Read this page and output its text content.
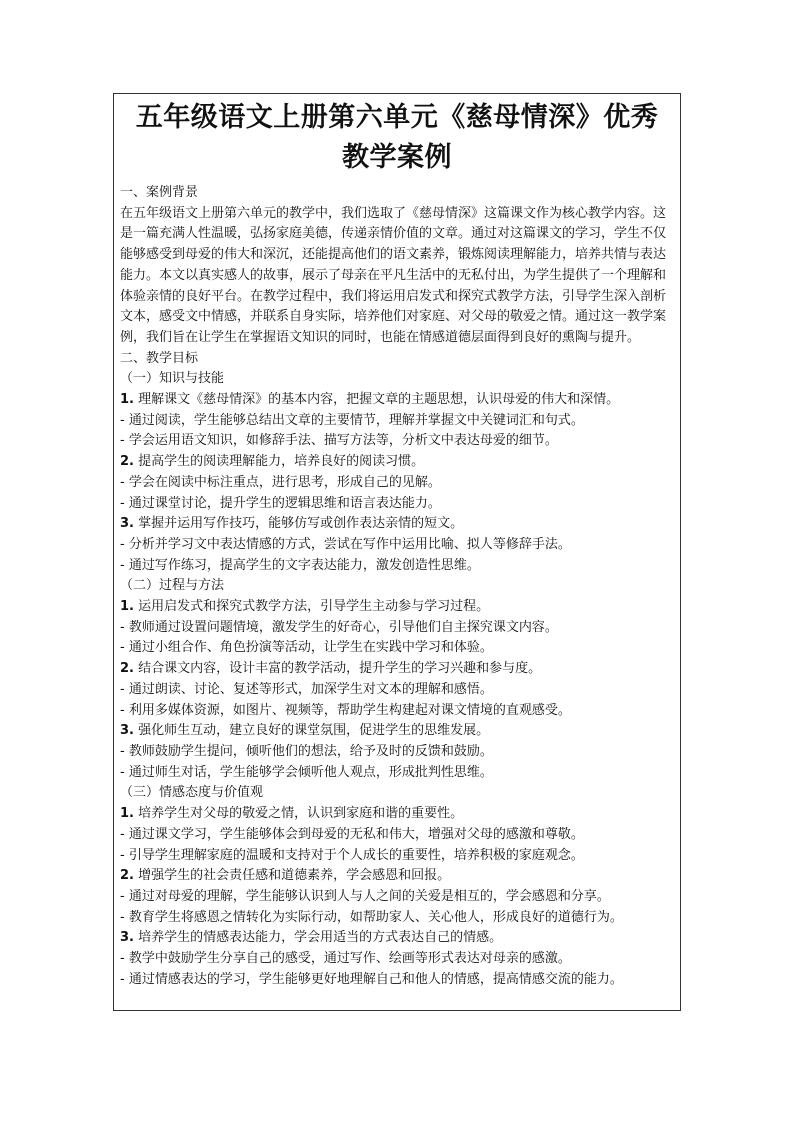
五年级语文上册第六单元《慈母情深》优秀
教学案例
一、案例背景
在五年级语文上册第六单元的教学中，我们选取了《慈母情深》这篇课文作为核心教学内容。这是一篇充满人性温暖，弘扬家庭美德，传递亲情价值的文章。通过对这篇课文的学习，学生不仅能够感受到母爱的伟大和深沉，还能提高他们的语文素养，锻炼阅读理解能力，培养共情与表达能力。本文以真实感人的故事，展示了母亲在平凡生活中的无私付出，为学生提供了一个理解和体验亲情的良好平台。在教学过程中，我们将运用启发式和探究式教学方法，引导学生深入剖析文本，感受文中情感，并联系自身实际，培养他们对家庭、对父母的敬爱之情。通过这一教学案例，我们旨在让学生在掌握语文知识的同时，也能在情感道德层面得到良好的熏陶与提升。
二、教学目标
（一）知识与技能
1. 理解课文《慈母情深》的基本内容，把握文章的主题思想，认识母爱的伟大和深情。
- 通过阅读，学生能够总结出文章的主要情节，理解并掌握文中关键词汇和句式。
- 学会运用语文知识，如修辞手法、描写方法等，分析文中表达母爱的细节。
2. 提高学生的阅读理解能力，培养良好的阅读习惯。
- 学会在阅读中标注重点，进行思考，形成自己的见解。
- 通过课堂讨论，提升学生的逻辑思维和语言表达能力。
3. 掌握并运用写作技巧，能够仿写或创作表达亲情的短文。
- 分析并学习文中表达情感的方式，尝试在写作中运用比喻、拟人等修辞手法。
- 通过写作练习，提高学生的文字表达能力，激发创造性思维。
（二）过程与方法
1. 运用启发式和探究式教学方法，引导学生主动参与学习过程。
- 教师通过设置问题情境，激发学生的好奇心，引导他们自主探究课文内容。
- 通过小组合作、角色扮演等活动，让学生在实践中学习和体验。
2. 结合课文内容，设计丰富的教学活动，提升学生的学习兴趣和参与度。
- 通过朗读、讨论、复述等形式，加深学生对文本的理解和感悟。
- 利用多媒体资源，如图片、视频等，帮助学生构建起对课文情境的直观感受。
3. 强化师生互动，建立良好的课堂氛围，促进学生的思维发展。
- 教师鼓励学生提问，倾听他们的想法，给予及时的反馈和鼓励。
- 通过师生对话，学生能够学会倾听他人观点，形成批判性思维。
（三）情感态度与价值观
1. 培养学生对父母的敬爱之情，认识到家庭和谐的重要性。
- 通过课文学习，学生能够体会到母爱的无私和伟大，增强对父母的感激和尊敬。
- 引导学生理解家庭的温暖和支持对于个人成长的重要性，培养积极的家庭观念。
2. 增强学生的社会责任感和道德素养，学会感恩和回报。
- 通过对母爱的理解，学生能够认识到人与人之间的关爱是相互的，学会感恩和分享。
- 教育学生将感恩之情转化为实际行动，如帮助家人、关心他人，形成良好的道德行为。
3. 培养学生的情感表达能力，学会用适当的方式表达自己的情感。
- 教学中鼓励学生分享自己的感受，通过写作、绘画等形式表达对母亲的感激。
- 通过情感表达的学习，学生能够更好地理解自己和他人的情感，提高情感交流的能力。
